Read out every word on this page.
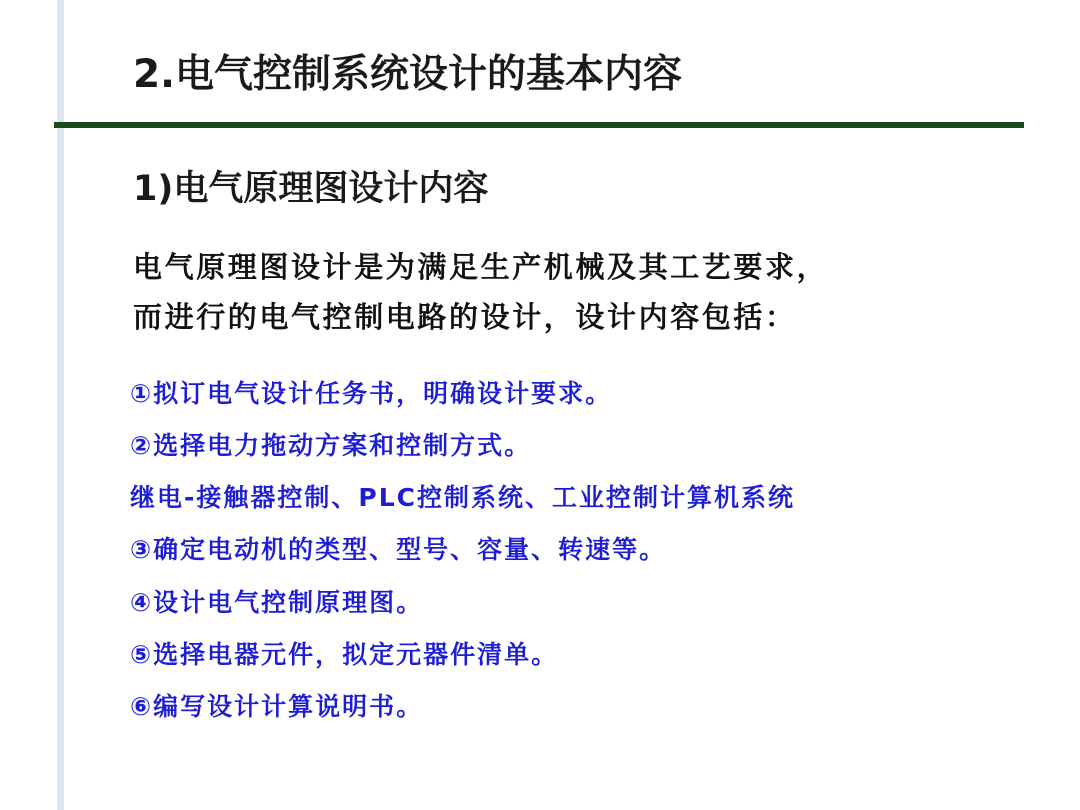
2.电气控制系统设计的基本内容
1)电气原理图设计内容
电气原理图设计是为满足生产机械及其工艺要求，
而进行的电气控制电路的设计，设计内容包括：
①拟订电气设计任务书，明确设计要求。
②选择电力拖动方案和控制方式。
继电-接触器控制、PLC控制系统、工业控制计算机系统
③确定电动机的类型、型号、容量、转速等。
④设计电气控制原理图。
⑤选择电器元件，拟定元器件清单。
⑥编写设计计算说明书。
